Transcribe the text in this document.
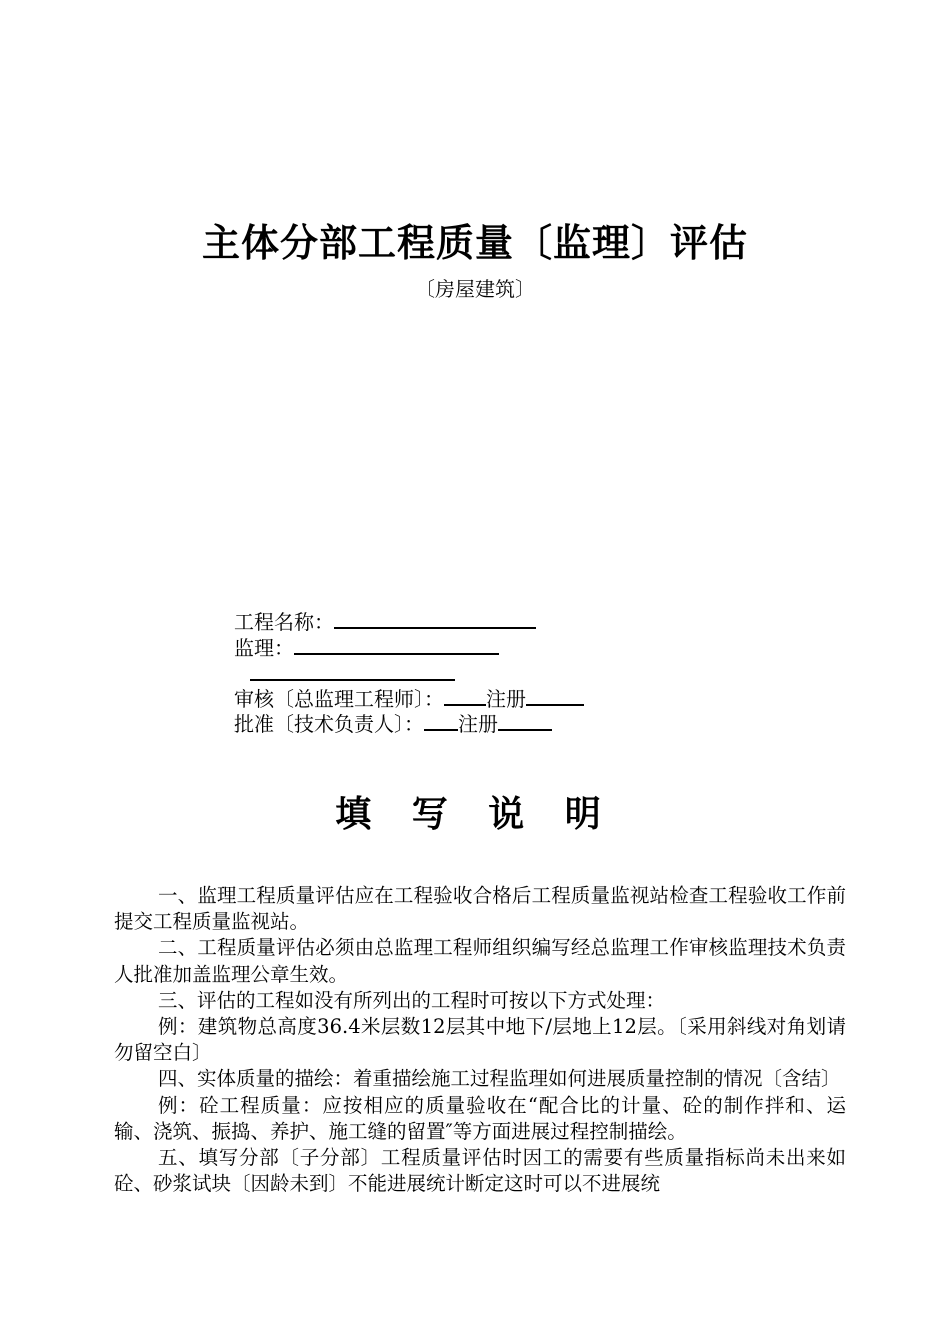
主体分部工程质量〔监理〕评估
〔房屋建筑〕
工程名称：
监理：
审核〔总监理工程师〕： 注册
批准〔技术负责人〕： 注册
填 写 说 明

一、监理工程质量评估应在工程验收合格后工程质量监视站检查工程验收工作前提交工程质量监视站。

二、工程质量评估必须由总监理工程师组织编写经总监理工作审核监理技术负责人批准加盖监理公章生效。

三、评估的工程如没有所列出的工程时可按以下方式处理：

例：建筑物总高度36.4米层数12层其中地下/层地上12层。〔采用斜线对角划请勿留空白〕

四、实体质量的描绘：着重描绘施工过程监理如何进展质量控制的情况〔含结〕

例：砼工程质量：应按相应的质量验收在“配合比的计量、砼的制作拌和、运输、浇筑、振捣、养护、施工缝的留置″等方面进展过程控制描绘。

五、填写分部〔子分部〕工程质量评估时因工的需要有些质量指标尚未出来如砼、砂浆试块〔因龄未到〕不能进展统计断定这时可以不进展统
